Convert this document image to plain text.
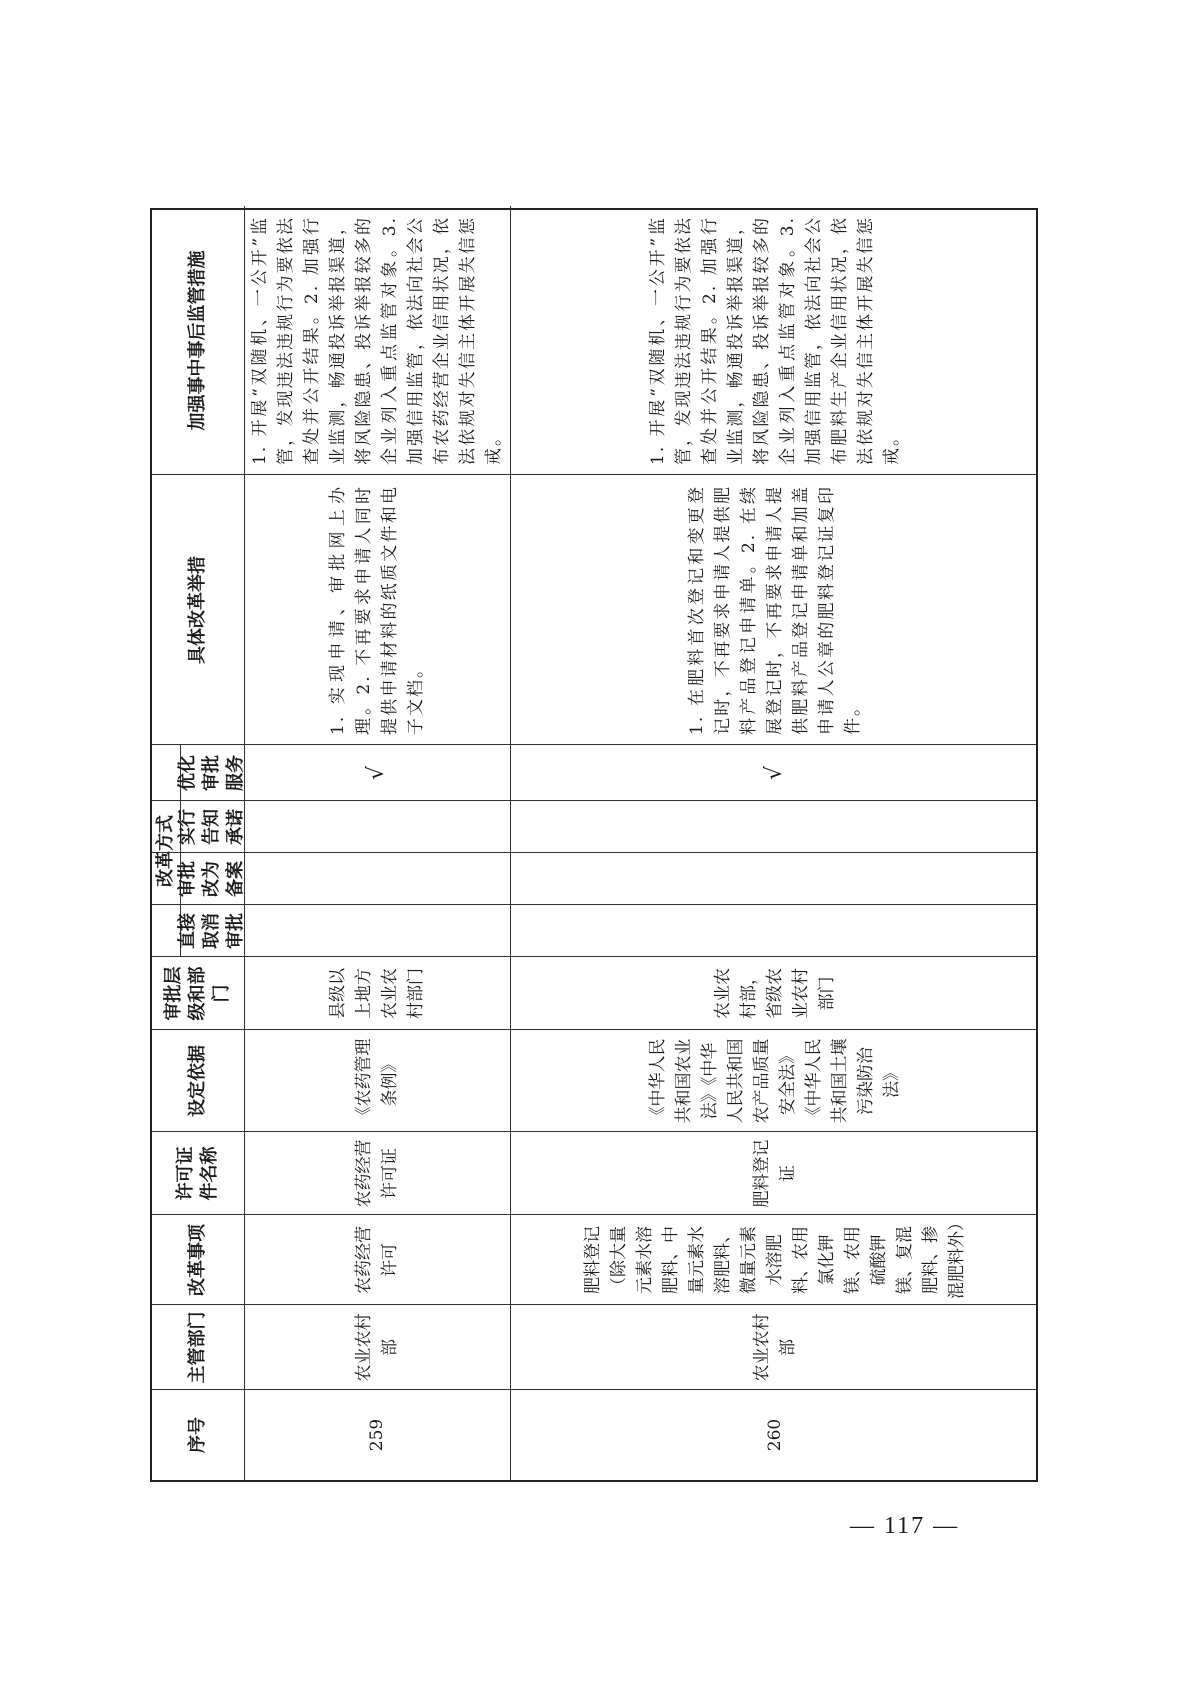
序号
主管部门
改革事项
许可证件名称
设定依据
审批层级和部门
改革方式
直接取消审批
审批改为备案
实行告知承诺
优化审批服务
具体改革举措
加强事中事后监管措施
259
农业农村部
农药经营许可
农药经营许可证
《农药管理条例》
县级以上地方农业农村部门
√
1. 实现申请、审批网上办理。2. 不再要求申请人同时提供申请材料的纸质文件和电子文档。
1. 开展“双随机、一公开”监管，发现违法违规行为要依法查处并公开结果。2. 加强行业监测，畅通投诉举报渠道，将风险隐患、投诉举报较多的企业列入重点监管对象。3. 加强信用监管，依法向社会公布农药经营企业信用状况，依法依规对失信主体开展失信惩戒。
260
农业农村部
肥料登记（除大量元素水溶肥料、中量元素水溶肥料、微量元素水溶肥料、农用氯化钾镁、农用硫酸钾镁、复混肥料、掺混肥料外）
肥料登记证
《中华人民共和国农业法》《中华人民共和国农产品质量安全法》《中华人民共和国土壤污染防治法》
农业农村部，省级农业农村部门
√
1. 在肥料首次登记和变更登记时，不再要求申请人提供肥料产品登记申请单。2. 在续展登记时，不再要求申请人提供肥料产品登记申请单和加盖申请人公章的肥料登记证复印件。
1. 开展“双随机、一公开”监管，发现违法违规行为要依法查处并公开结果。2. 加强行业监测，畅通投诉举报渠道，将风险隐患、投诉举报较多的企业列入重点监管对象。3. 加强信用监管，依法向社会公布肥料生产企业信用状况，依法依规对失信主体开展失信惩戒。
— 117 —
